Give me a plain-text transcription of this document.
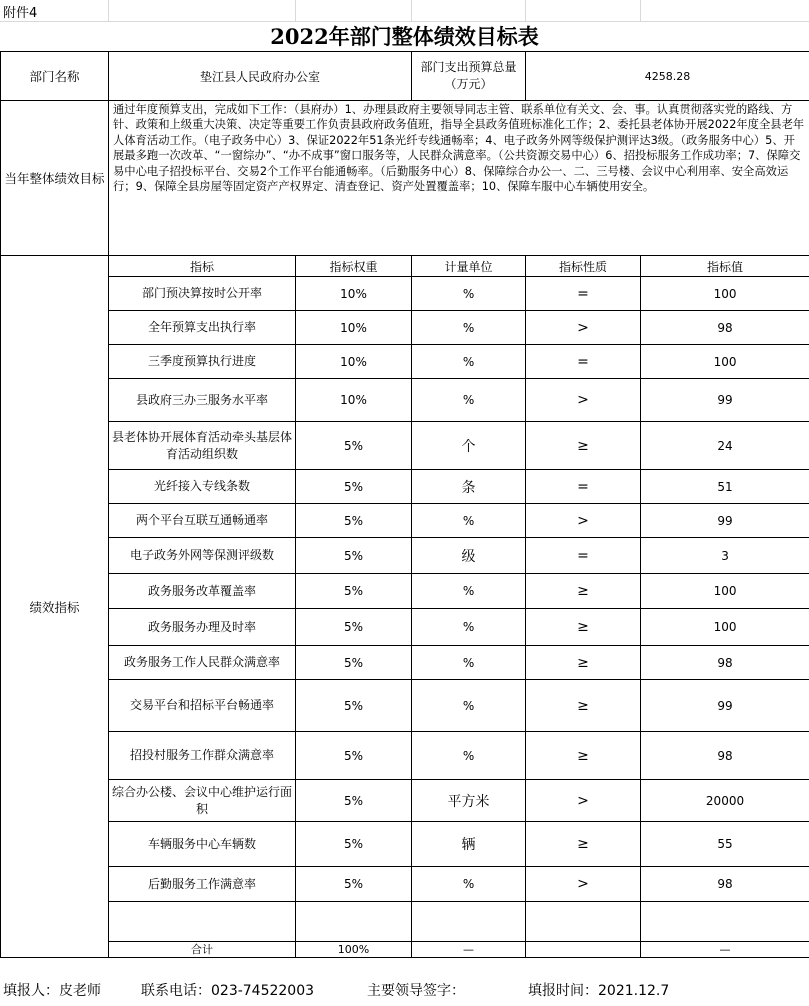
附件4
2022年部门整体绩效目标表
部门名称	垫江县人民政府办公室		部门支出预算总量（万元）	4258.28	
当年整体绩效目标	通过年度预算支出，完成如下工作：（县府办）1、办理县政府主要领导同志主管、联系单位有关文、会、事。认真贯彻落实党的路线、方针、政策和上级重大决策、决定等重要工作负责县政府政务值班，指导全县政务值班标准化工作；2、委托县老体协开展2022年度全县老年人体育活动工作。（电子政务中心）3、保证2022年51条光纤专线通畅率；4、电子政务外网等级保护测评达3级。（政务服务中心）5、开展最多跑一次改革、“一窗综办”、“办不成事”窗口服务等，人民群众满意率。（公共资源交易中心）6、招投标服务工作成功率；7、保障交易中心电子招投标平台、交易2个工作平台能通畅率。（后勤服务中心）8、保障综合办公一、二、三号楼、会议中心利用率、安全高效运行；9、保障全县房屋等固定资产产权界定、清查登记、资产处置覆盖率；10、保障车服中心车辆使用安全。				
绩效指标	指标	指标权重	计量单位	指标性质	指标值
	部门预决算按时公开率	10%	%	=	100
	全年预算支出执行率	10%	%	>	98
	三季度预算执行进度	10%	%	=	100
	县政府三办三服务水平率	10%	%	>	99
	县老体协开展体育活动牵头基层体育活动组织数	5%	个	≥	24
	光纤接入专线条数	5%	条	=	51
	两个平台互联互通畅通率	5%	%	>	99
	电子政务外网等保测评级数	5%	级	=	3
	政务服务改革覆盖率	5%	%	≥	100
	政务服务办理及时率	5%	%	≥	100
	政务服务工作人民群众满意率	5%	%	≥	98
	交易平台和招标平台畅通率	5%	%	≥	99
	招投村服务工作群众满意率	5%	%	≥	98
	综合办公楼、会议中心维护运行面积	5%	平方米	>	20000
	车辆服务中心车辆数	5%	辆	≥	55
	后勤服务工作满意率	5%	%	>	98

	合计	100%	—		—
填报人：皮老师	联系电话：023-74522003	主要领导签字：	填报时间：2021.12.7
